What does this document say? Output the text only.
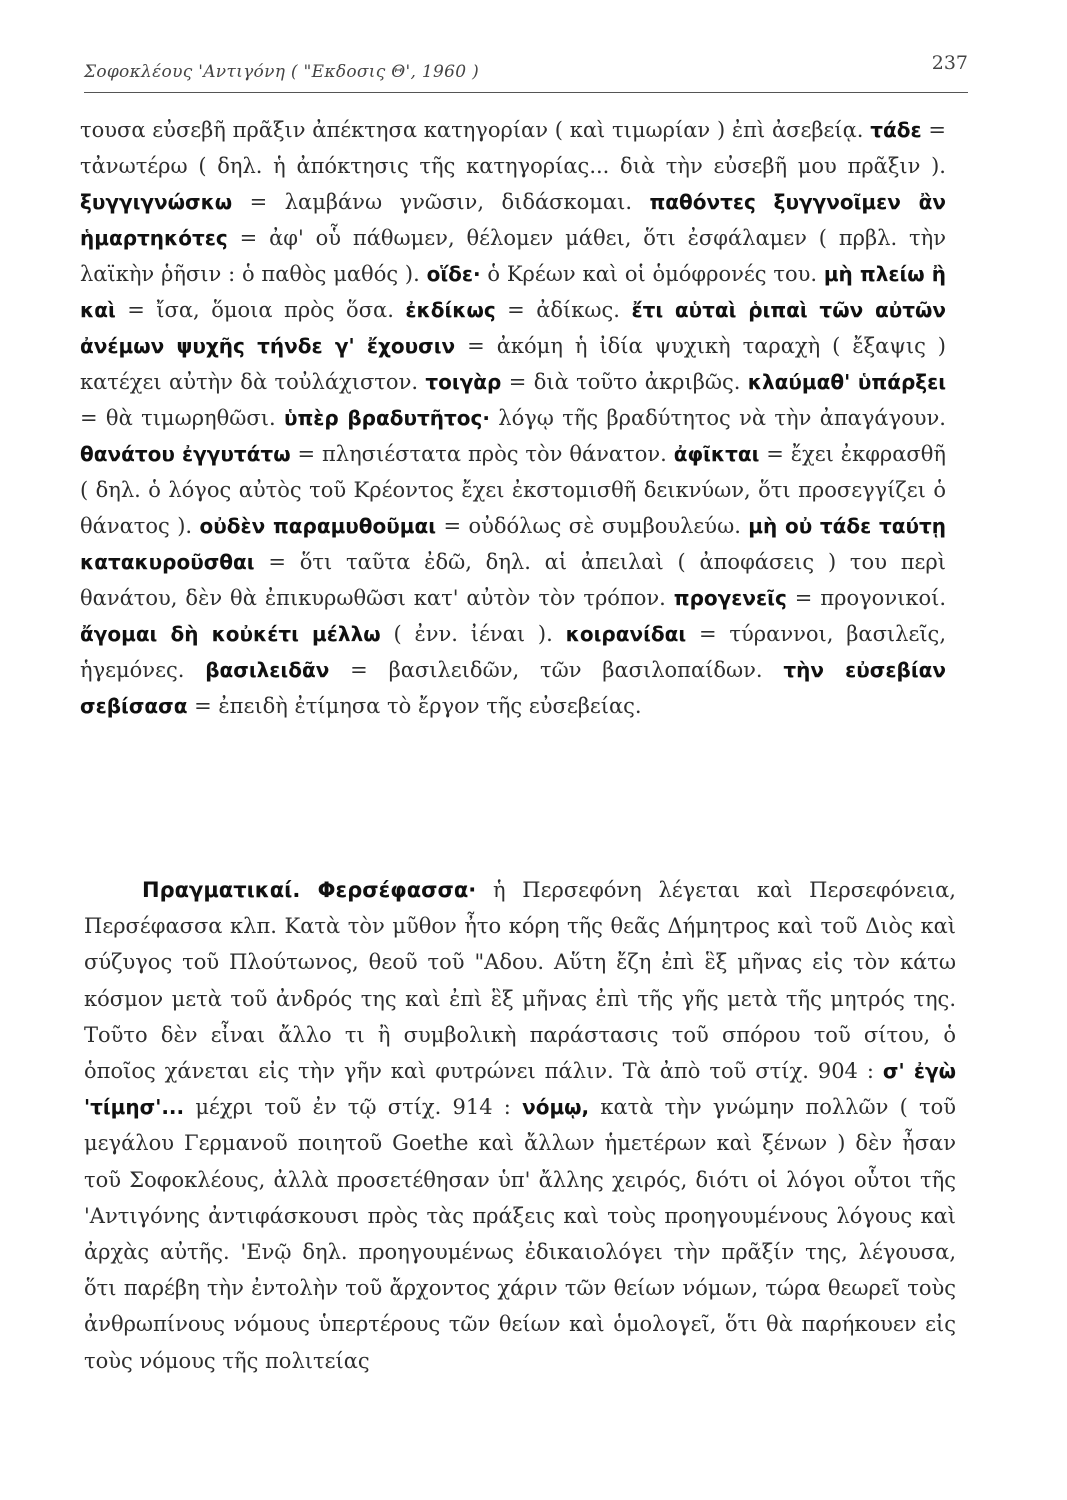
Σοφοκλέους 'Αντιγόνη ( "Εκδοσις Θ', 1960 )	237
τουσα εὐσεβῆ πρᾶξιν ἀπέκτησα κατηγορίαν ( καὶ τιμωρίαν ) ἐπὶ ἀσεβείᾳ. τάδε = τἀνωτέρω ( δηλ. ἡ ἀπόκτησις τῆς κατηγορίας... διὰ τὴν εὐσεβῆ μου πρᾶξιν ). ξυγγιγνώσκω = λαμβάνω γνῶσιν, διδάσκομαι. παθόντες ξυγγνοῖμεν ἂν ἡμαρτηκότες = ἀφ' οὗ πάθωμεν, θέλομεν μάθει, ὅτι ἐσφάλαμεν ( πρβλ. τὴν λαϊκὴν ῥῆσιν : ὁ παθὸς μαθός ). οἵδε· ὁ Κρέων καὶ οἱ ὁμόφρονές του. μὴ πλείω ἢ καὶ = ἴσα, ὅμοια πρὸς ὅσα. ἐκδίκως = ἀδίκως. ἔτι αὑταὶ ῥιπαὶ τῶν αὐτῶν ἀνέμων ψυχῆς τήνδε γ' ἔχουσιν = ἀκόμη ἡ ἰδία ψυχικὴ ταραχὴ ( ἔξαψις ) κατέχει αὐτὴν δὰ τοὐλάχιστον. τοιγὰρ = διὰ τοῦτο ἀκριβῶς. κλαύμαθ' ὑπάρξει = θὰ τιμωρηθῶσι. ὑπὲρ βραδυτῆτος· λόγῳ τῆς βραδύτητος νὰ τὴν ἀπαγάγουν. θανάτου ἐγγυτάτω = πλησιέστατα πρὸς τὸν θάνατον. ἀφῖκται = ἔχει ἐκφρασθῆ ( δηλ. ὁ λόγος αὐτὸς τοῦ Κρέοντος ἔχει ἐκστομισθῆ δεικνύων, ὅτι προσεγγίζει ὁ θάνατος ). οὐδὲν παραμυθοῦμαι = οὐδόλως σὲ συμβουλεύω. μὴ οὐ τάδε ταύτῃ κατακυροῦσθαι = ὅτι ταῦτα ἐδῶ, δηλ. αἱ ἀπειλαὶ ( ἀποφάσεις ) του περὶ θανάτου, δὲν θὰ ἐπικυρωθῶσι κατ' αὐτὸν τὸν τρόπον. προγενεῖς = προγονικοί. ἄγομαι δὴ κοὐκέτι μέλλω ( ἐνν. ἰέναι ). κοιρανίδαι = τύραννοι, βασιλεῖς, ἡγεμόνες. βασιλειδᾶν = βασιλειδῶν, τῶν βασιλοπαίδων. τὴν εὐσεβίαν σεβίσασα = ἐπειδὴ ἐτίμησα τὸ ἔργον τῆς εὐσεβείας.
Πραγματικαί. Φερσέφασσα· ἡ Περσεφόνη λέγεται καὶ Περσεφόνεια, Περσέφασσα κλπ. Κατὰ τὸν μῦθον ἦτο κόρη τῆς θεᾶς Δήμητρος καὶ τοῦ Διὸς καὶ σύζυγος τοῦ Πλούτωνος, θεοῦ τοῦ "Αδου. Αὕτη ἔζη ἐπὶ ἓξ μῆνας εἰς τὸν κάτω κόσμον μετὰ τοῦ ἀνδρός της καὶ ἐπὶ ἓξ μῆνας ἐπὶ τῆς γῆς μετὰ τῆς μητρός της. Τοῦτο δὲν εἶναι ἄλλο τι ἢ συμβολικὴ παράστασις τοῦ σπόρου τοῦ σίτου, ὁ ὁποῖος χάνεται εἰς τὴν γῆν καὶ φυτρώνει πάλιν. Τὰ ἀπὸ τοῦ στίχ. 904 : σ' ἐγὼ 'τίμησ'... μέχρι τοῦ ἐν τῷ στίχ. 914 : νόμῳ, κατὰ τὴν γνώμην πολλῶν ( τοῦ μεγάλου Γερμανοῦ ποιητοῦ Goethe καὶ ἄλλων ἡμετέρων καὶ ξένων ) δὲν ἦσαν τοῦ Σοφοκλέους, ἀλλὰ προσετέθησαν ὑπ' ἄλλης χειρός, διότι οἱ λόγοι οὗτοι τῆς 'Αντιγόνης ἀντιφάσκουσι πρὸς τὰς πράξεις καὶ τοὺς προηγουμένους λόγους καὶ ἀρχὰς αὐτῆς. 'Ενῷ δηλ. προηγουμένως ἐδικαιολόγει τὴν πρᾶξίν της, λέγουσα, ὅτι παρέβη τὴν ἐντολὴν τοῦ ἄρχοντος χάριν τῶν θείων νόμων, τώρα θεωρεῖ τοὺς ἀνθρωπίνους νόμους ὑπερτέρους τῶν θείων καὶ ὁμολογεῖ, ὅτι θὰ παρήκουεν εἰς τοὺς νόμους τῆς πολιτείας
